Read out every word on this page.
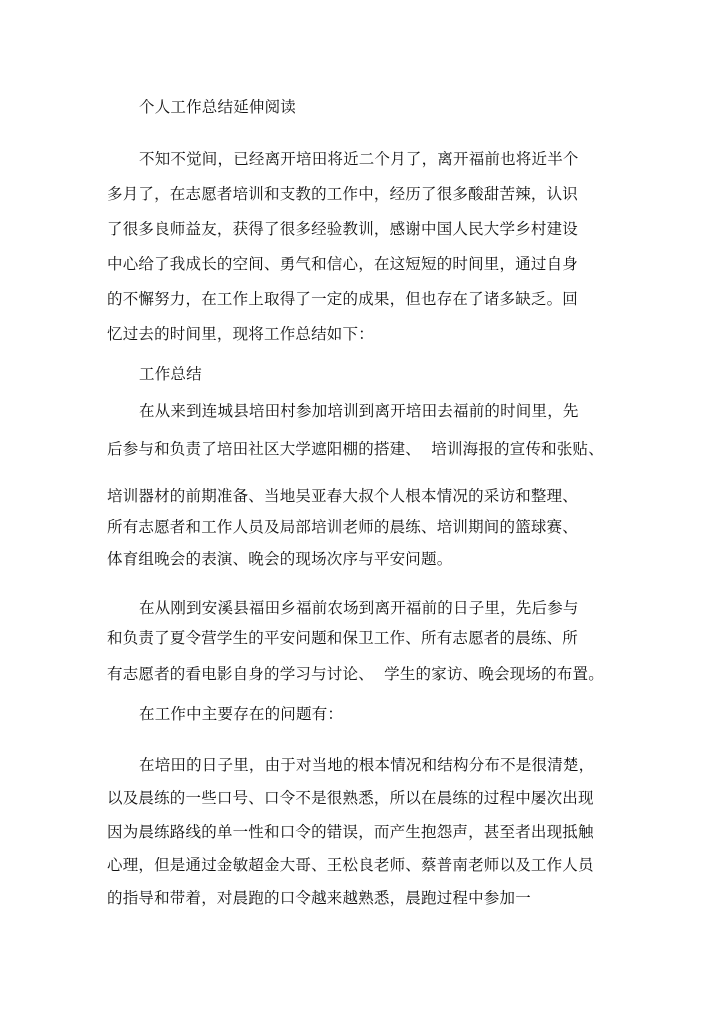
个人工作总结延伸阅读
不知不觉间，已经离开培田将近二个月了，离开福前也将近半个
多月了，在志愿者培训和支教的工作中，经历了很多酸甜苦辣，认识
了很多良师益友，获得了很多经验教训，感谢中国人民大学乡村建设
中心给了我成长的空间、勇气和信心，在这短短的时间里，通过自身
的不懈努力，在工作上取得了一定的成果，但也存在了诸多缺乏。回
忆过去的时间里，现将工作总结如下：
工作总结
在从来到连城县培田村参加培训到离开培田去福前的时间里，先
后参与和负责了培田社区大学遮阳棚的搭建、  培训海报的宣传和张贴、
培训器材的前期准备、当地吴亚春大叔个人根本情况的采访和整理、
所有志愿者和工作人员及局部培训老师的晨练、培训期间的篮球赛、
体育组晚会的表演、晚会的现场次序与平安问题。
在从刚到安溪县福田乡福前农场到离开福前的日子里，先后参与
和负责了夏令营学生的平安问题和保卫工作、所有志愿者的晨练、所
有志愿者的看电影自身的学习与讨论、  学生的家访、晚会现场的布置。
在工作中主要存在的问题有：
在培田的日子里，由于对当地的根本情况和结构分布不是很清楚，
以及晨练的一些口号、口令不是很熟悉，所以在晨练的过程中屡次出现
因为晨练路线的单一性和口令的错误，而产生抱怨声，甚至者出现抵触
心理，但是通过金敏超金大哥、王松良老师、蔡普南老师以及工作人员
的指导和带着，对晨跑的口令越来越熟悉，晨跑过程中参加一
